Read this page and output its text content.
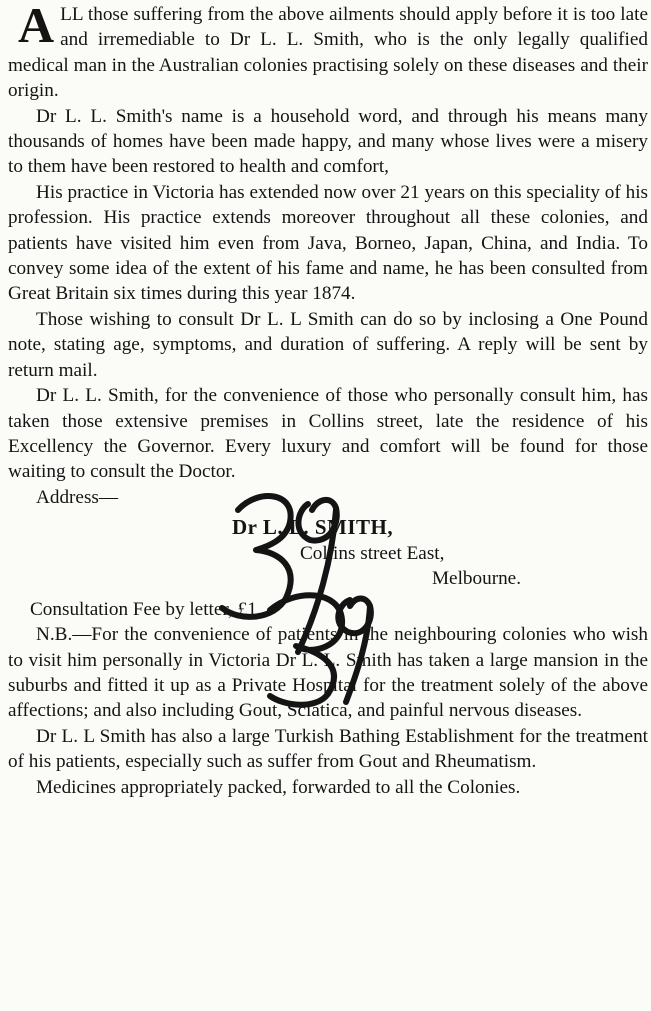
ALL those suffering from the above ailments should apply before it is too late and irremediable to Dr L. L. Smith, who is the only legally qualified medical man in the Australian colonies practising solely on these diseases and their origin.

Dr L. L. Smith's name is a household word, and through his means many thousands of homes have been made happy, and many whose lives were a misery to them have been restored to health and comfort,

His practice in Victoria has extended now over 21 years on this speciality of his profession. His practice extends moreover throughout all these colonies, and patients have visited him even from Java, Borneo, Japan, China, and India. To convey some idea of the extent of his fame and name, he has been consulted from Great Britain six times during this year 1874.

Those wishing to consult Dr L. L Smith can do so by inclosing a One Pound note, stating age, symptoms, and duration of suffering. A reply will be sent by return mail.

Dr L. L. Smith, for the convenience of those who personally consult him, has taken those extensive premises in Collins street, late the residence of his Excellency the Governor. Every luxury and comfort will be found for those waiting to consult the Doctor.

Address—

Dr L. L. SMITH,

Collins street East,

Melbourne.

Consultation Fee by letter, £1.

N.B.—For the convenience of patients in the neighbouring colonies who wish to visit him personally in Victoria Dr L. L. Smith has taken a large mansion in the suburbs and fitted it up as a Private Hospital for the treatment solely of the above affections; and also including Gout, Sciatica, and painful nervous diseases.

Dr L. L Smith has also a large Turkish Bathing Establishment for the treatment of his patients, especially such as suffer from Gout and Rheumatism.

Medicines appropriately packed, forwarded to all the Colonies.
